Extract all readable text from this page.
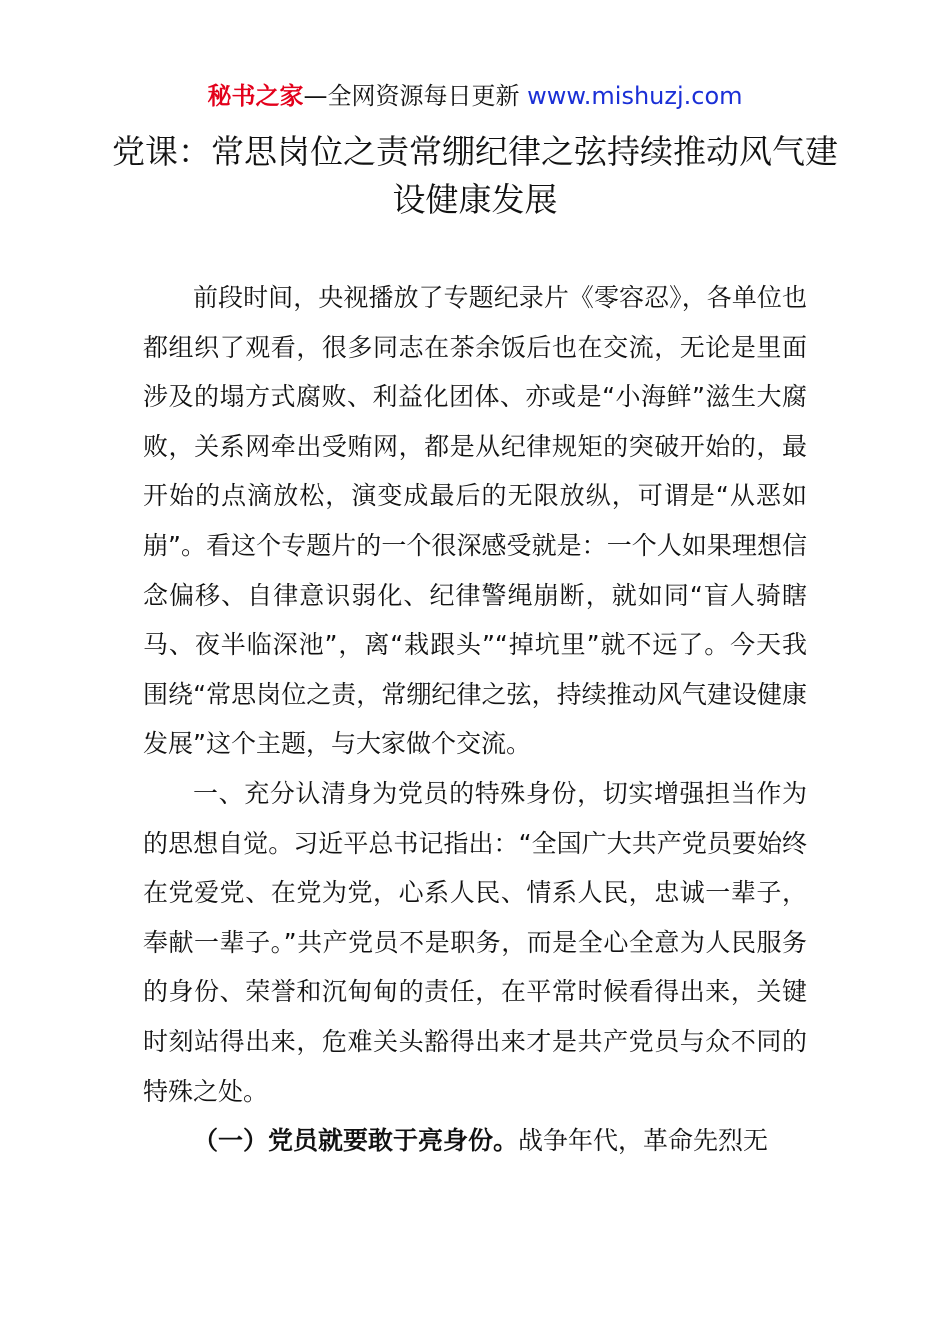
秘书之家—全网资源每日更新 www.mishuzj.com
党课：常思岗位之责常绷纪律之弦持续推动风气建设健康发展

前段时间，央视播放了专题纪录片《零容忍》，各单位也都组织了观看，很多同志在茶余饭后也在交流，无论是里面涉及的塌方式腐败、利益化团体、亦或是“小海鲜”滋生大腐败，关系网牵出受贿网，都是从纪律规矩的突破开始的，最开始的点滴放松，演变成最后的无限放纵，可谓是“从恶如崩”。看这个专题片的一个很深感受就是：一个人如果理想信念偏移、自律意识弱化、纪律警绳崩断，就如同“盲人骑瞎马、夜半临深池”，离“栽跟头”“掉坑里”就不远了。今天我围绕“常思岗位之责，常绷纪律之弦，持续推动风气建设健康发展”这个主题，与大家做个交流。

一、充分认清身为党员的特殊身份，切实增强担当作为的思想自觉。习近平总书记指出：“全国广大共产党员要始终在党爱党、在党为党，心系人民、情系人民，忠诚一辈子，奉献一辈子。”共产党员不是职务，而是全心全意为人民服务的身份、荣誉和沉甸甸的责任，在平常时候看得出来，关键时刻站得出来，危难关头豁得出来才是共产党员与众不同的特殊之处。

（一）党员就要敢于亮身份。战争年代，革命先烈无
